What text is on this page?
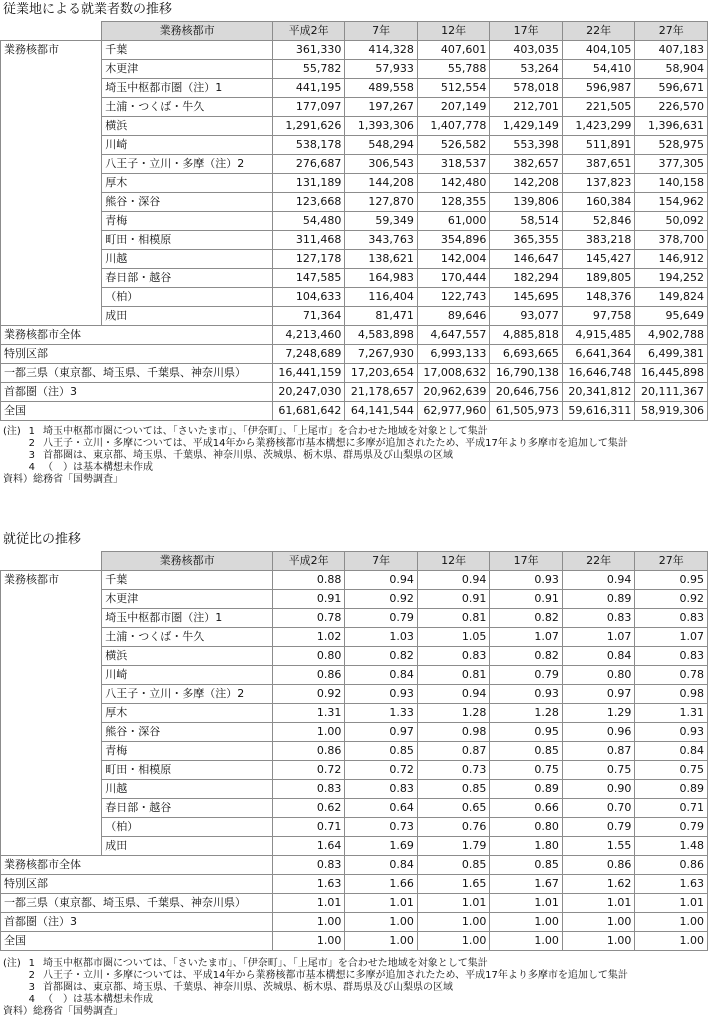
従業地による就業者数の推移
	業務核都市	平成2年	7年	12年	17年	22年	27年
業務核都市	千葉	361,330	414,328	407,601	403,035	404,105	407,183
	木更津	55,782	57,933	55,788	53,264	54,410	58,904
	埼玉中枢都市圏（注）1	441,195	489,558	512,554	578,018	596,987	596,671
	土浦・つくば・牛久	177,097	197,267	207,149	212,701	221,505	226,570
	横浜	1,291,626	1,393,306	1,407,778	1,429,149	1,423,299	1,396,631
	川崎	538,178	548,294	526,582	553,398	511,891	528,975
	八王子・立川・多摩（注）2	276,687	306,543	318,537	382,657	387,651	377,305
	厚木	131,189	144,208	142,480	142,208	137,823	140,158
	熊谷・深谷	123,668	127,870	128,355	139,806	160,384	154,962
	青梅	54,480	59,349	61,000	58,514	52,846	50,092
	町田・相模原	311,468	343,763	354,896	365,355	383,218	378,700
	川越	127,178	138,621	142,004	146,647	145,427	146,912
	春日部・越谷	147,585	164,983	170,444	182,294	189,805	194,252
	（柏）	104,633	116,404	122,743	145,695	148,376	149,824
	成田	71,364	81,471	89,646	93,077	97,758	95,649
業務核都市全体		4,213,460	4,583,898	4,647,557	4,885,818	4,915,485	4,902,788
特別区部		7,248,689	7,267,930	6,993,133	6,693,665	6,641,364	6,499,381
一都三県（東京都、埼玉県、千葉県、神奈川県）		16,441,159	17,203,654	17,008,632	16,790,138	16,646,748	16,445,898
首都圏（注）3		20,247,030	21,178,657	20,962,639	20,646,756	20,341,812	20,111,367
全国		61,681,642	64,141,544	62,977,960	61,505,973	59,616,311	58,919,306
(注) 1 埼玉中枢都市圏については、「さいたま市」、「伊奈町」、「上尾市」を合わせた地域を対象として集計
2 八王子・立川・多摩については、平成14年から業務核都市基本構想に多摩が追加されたため、平成17年より多摩市を追加して集計
3 首都圏は、東京都、埼玉県、千葉県、神奈川県、茨城県、栃木県、群馬県及び山梨県の区域
4 （　）は基本構想未作成
資料）総務省「国勢調査」
就従比の推移
	業務核都市	平成2年	7年	12年	17年	22年	27年
業務核都市	千葉	0.88	0.94	0.94	0.93	0.94	0.95
	木更津	0.91	0.92	0.91	0.91	0.89	0.92
	埼玉中枢都市圏（注）1	0.78	0.79	0.81	0.82	0.83	0.83
	土浦・つくば・牛久	1.02	1.03	1.05	1.07	1.07	1.07
	横浜	0.80	0.82	0.83	0.82	0.84	0.83
	川崎	0.86	0.84	0.81	0.79	0.80	0.78
	八王子・立川・多摩（注）2	0.92	0.93	0.94	0.93	0.97	0.98
	厚木	1.31	1.33	1.28	1.28	1.29	1.31
	熊谷・深谷	1.00	0.97	0.98	0.95	0.96	0.93
	青梅	0.86	0.85	0.87	0.85	0.87	0.84
	町田・相模原	0.72	0.72	0.73	0.75	0.75	0.75
	川越	0.83	0.83	0.85	0.89	0.90	0.89
	春日部・越谷	0.62	0.64	0.65	0.66	0.70	0.71
	（柏）	0.71	0.73	0.76	0.80	0.79	0.79
	成田	1.64	1.69	1.79	1.80	1.55	1.48
業務核都市全体		0.83	0.84	0.85	0.85	0.86	0.86
特別区部		1.63	1.66	1.65	1.67	1.62	1.63
一都三県（東京都、埼玉県、千葉県、神奈川県）		1.01	1.01	1.01	1.01	1.01	1.01
首都圏（注）3		1.00	1.00	1.00	1.00	1.00	1.00
全国		1.00	1.00	1.00	1.00	1.00	1.00
(注) 1 埼玉中枢都市圏については、「さいたま市」、「伊奈町」、「上尾市」を合わせた地域を対象として集計
2 八王子・立川・多摩については、平成14年から業務核都市基本構想に多摩が追加されたため、平成17年より多摩市を追加して集計
3 首都圏は、東京都、埼玉県、千葉県、神奈川県、茨城県、栃木県、群馬県及び山梨県の区域
4 （　）は基本構想未作成
資料）総務省「国勢調査」
